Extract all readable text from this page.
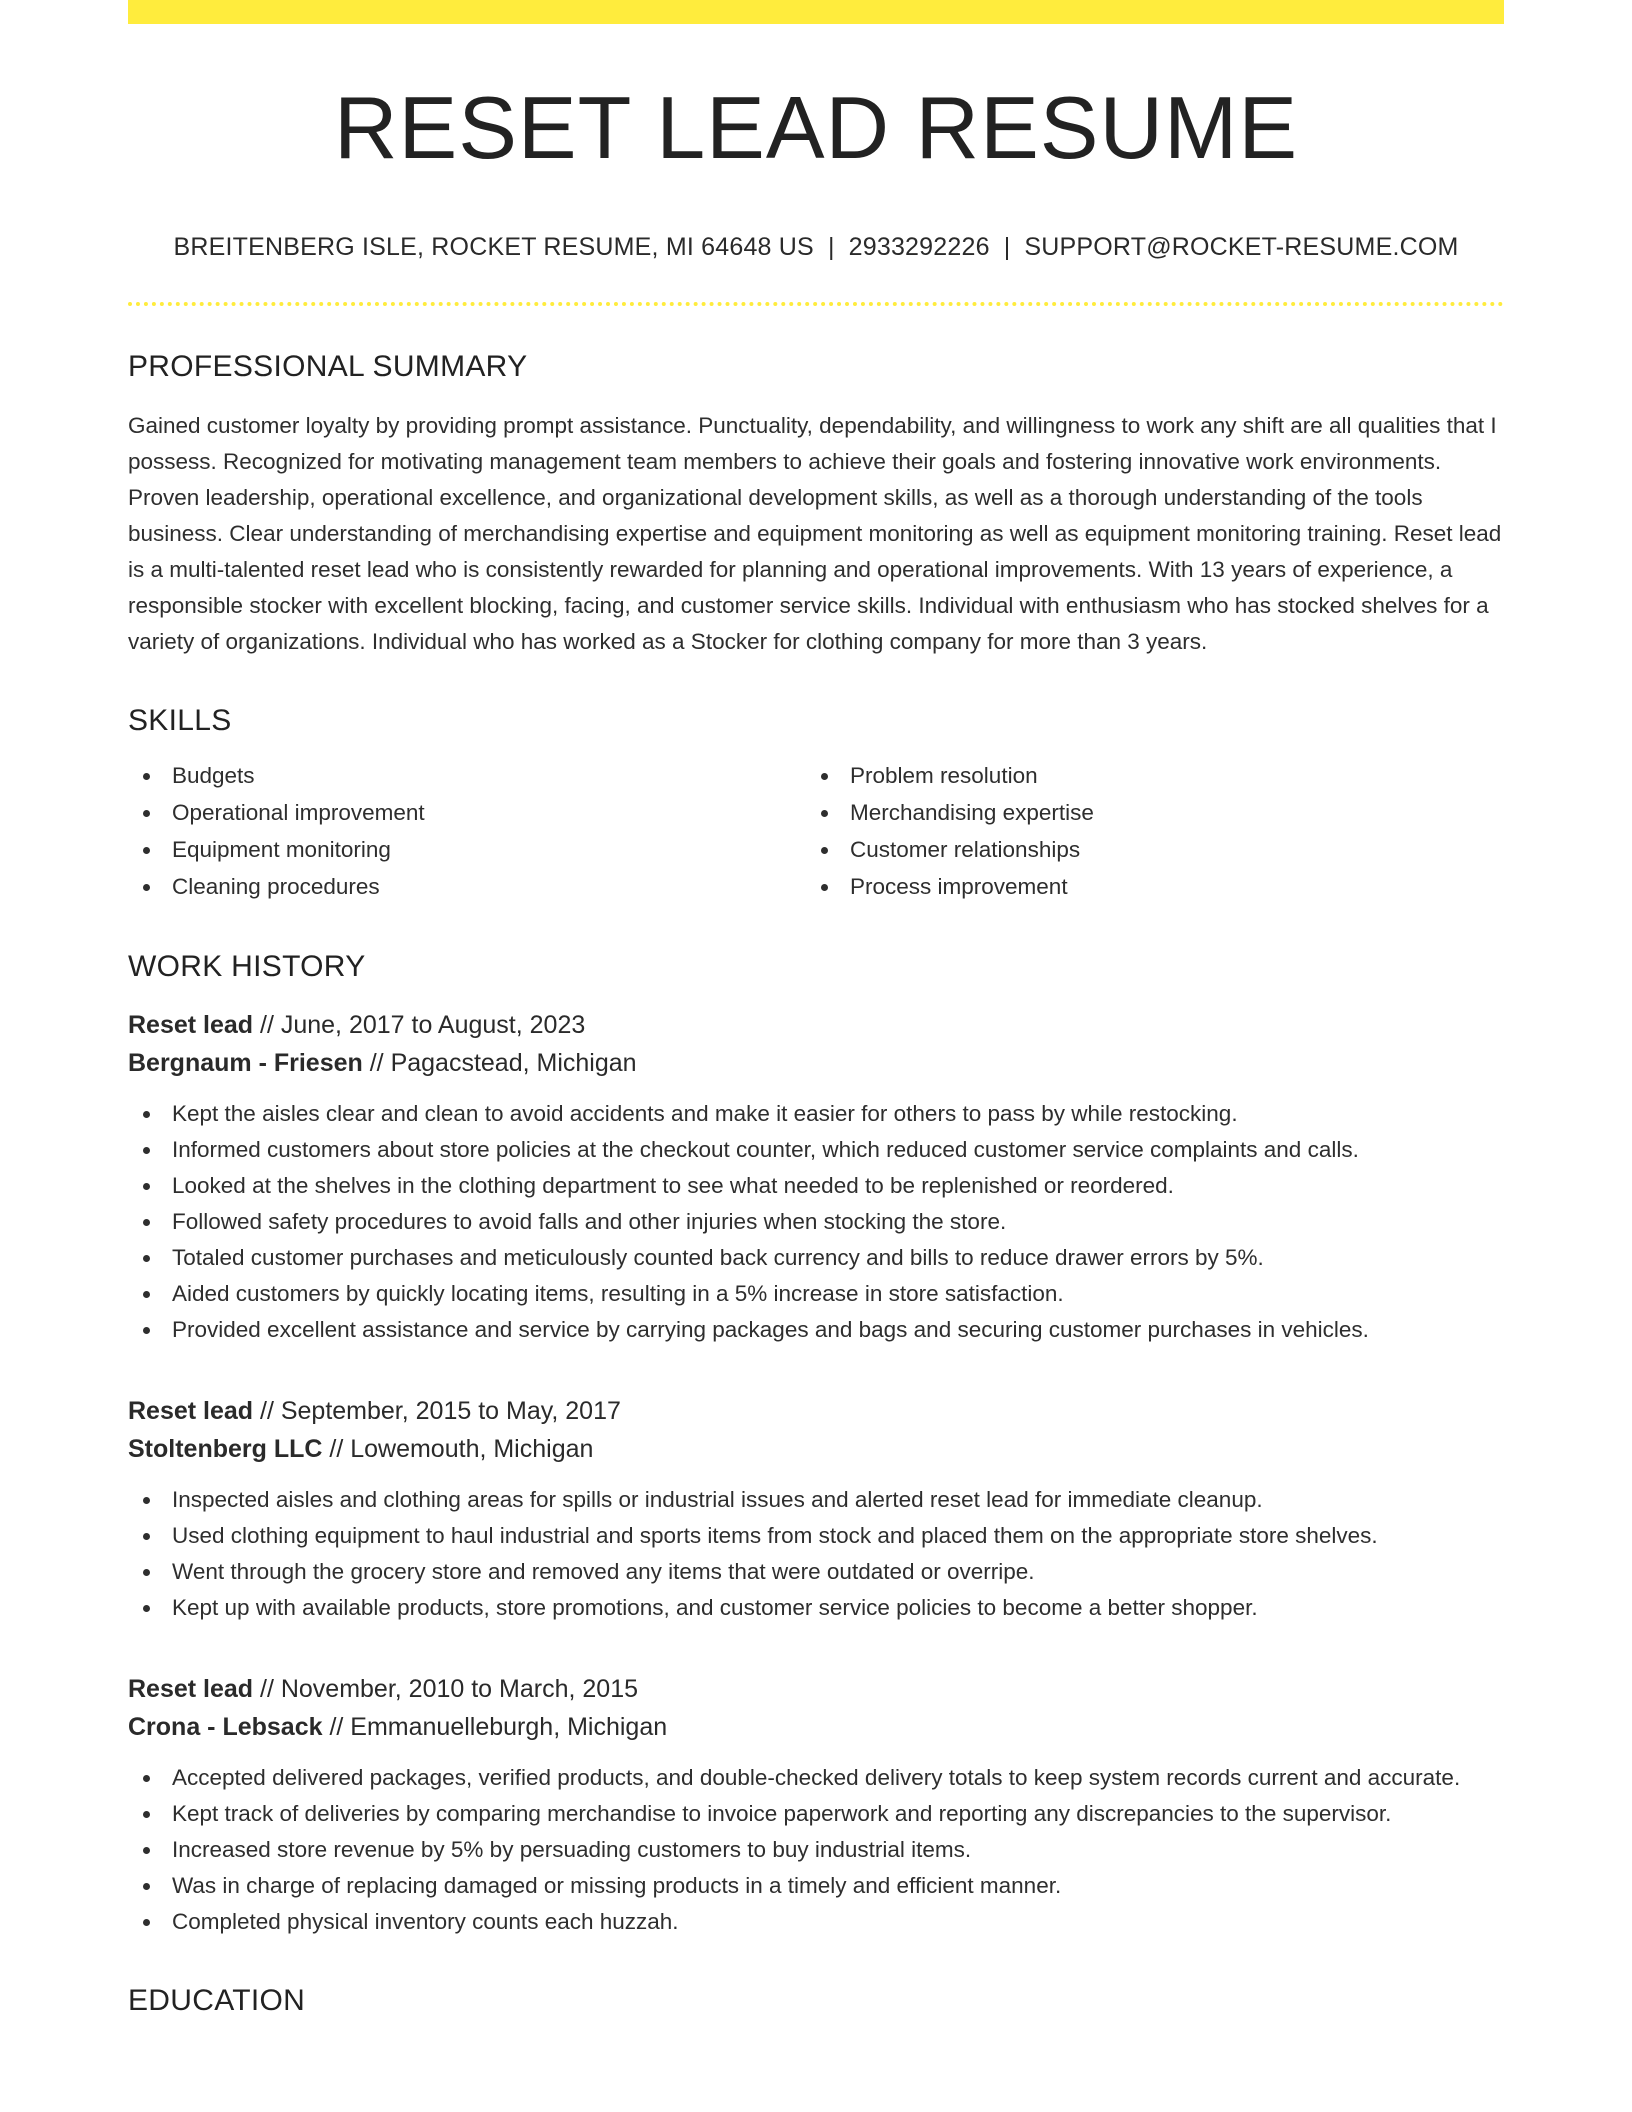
RESET LEAD RESUME
BREITENBERG ISLE, ROCKET RESUME, MI 64648 US | 2933292226 | SUPPORT@ROCKET-RESUME.COM
PROFESSIONAL SUMMARY
Gained customer loyalty by providing prompt assistance. Punctuality, dependability, and willingness to work any shift are all qualities that I possess. Recognized for motivating management team members to achieve their goals and fostering innovative work environments. Proven leadership, operational excellence, and organizational development skills, as well as a thorough understanding of the tools business. Clear understanding of merchandising expertise and equipment monitoring as well as equipment monitoring training. Reset lead is a multi-talented reset lead who is consistently rewarded for planning and operational improvements. With 13 years of experience, a responsible stocker with excellent blocking, facing, and customer service skills. Individual with enthusiasm who has stocked shelves for a variety of organizations. Individual who has worked as a Stocker for clothing company for more than 3 years.
SKILLS
Budgets
Operational improvement
Equipment monitoring
Cleaning procedures
Problem resolution
Merchandising expertise
Customer relationships
Process improvement
WORK HISTORY
Reset lead // June, 2017 to August, 2023
Bergnaum - Friesen // Pagacstead, Michigan
Kept the aisles clear and clean to avoid accidents and make it easier for others to pass by while restocking.
Informed customers about store policies at the checkout counter, which reduced customer service complaints and calls.
Looked at the shelves in the clothing department to see what needed to be replenished or reordered.
Followed safety procedures to avoid falls and other injuries when stocking the store.
Totaled customer purchases and meticulously counted back currency and bills to reduce drawer errors by 5%.
Aided customers by quickly locating items, resulting in a 5% increase in store satisfaction.
Provided excellent assistance and service by carrying packages and bags and securing customer purchases in vehicles.
Reset lead // September, 2015 to May, 2017
Stoltenberg LLC // Lowemouth, Michigan
Inspected aisles and clothing areas for spills or industrial issues and alerted reset lead for immediate cleanup.
Used clothing equipment to haul industrial and sports items from stock and placed them on the appropriate store shelves.
Went through the grocery store and removed any items that were outdated or overripe.
Kept up with available products, store promotions, and customer service policies to become a better shopper.
Reset lead // November, 2010 to March, 2015
Crona - Lebsack // Emmanuelleburgh, Michigan
Accepted delivered packages, verified products, and double-checked delivery totals to keep system records current and accurate.
Kept track of deliveries by comparing merchandise to invoice paperwork and reporting any discrepancies to the supervisor.
Increased store revenue by 5% by persuading customers to buy industrial items.
Was in charge of replacing damaged or missing products in a timely and efficient manner.
Completed physical inventory counts each huzzah.
EDUCATION
